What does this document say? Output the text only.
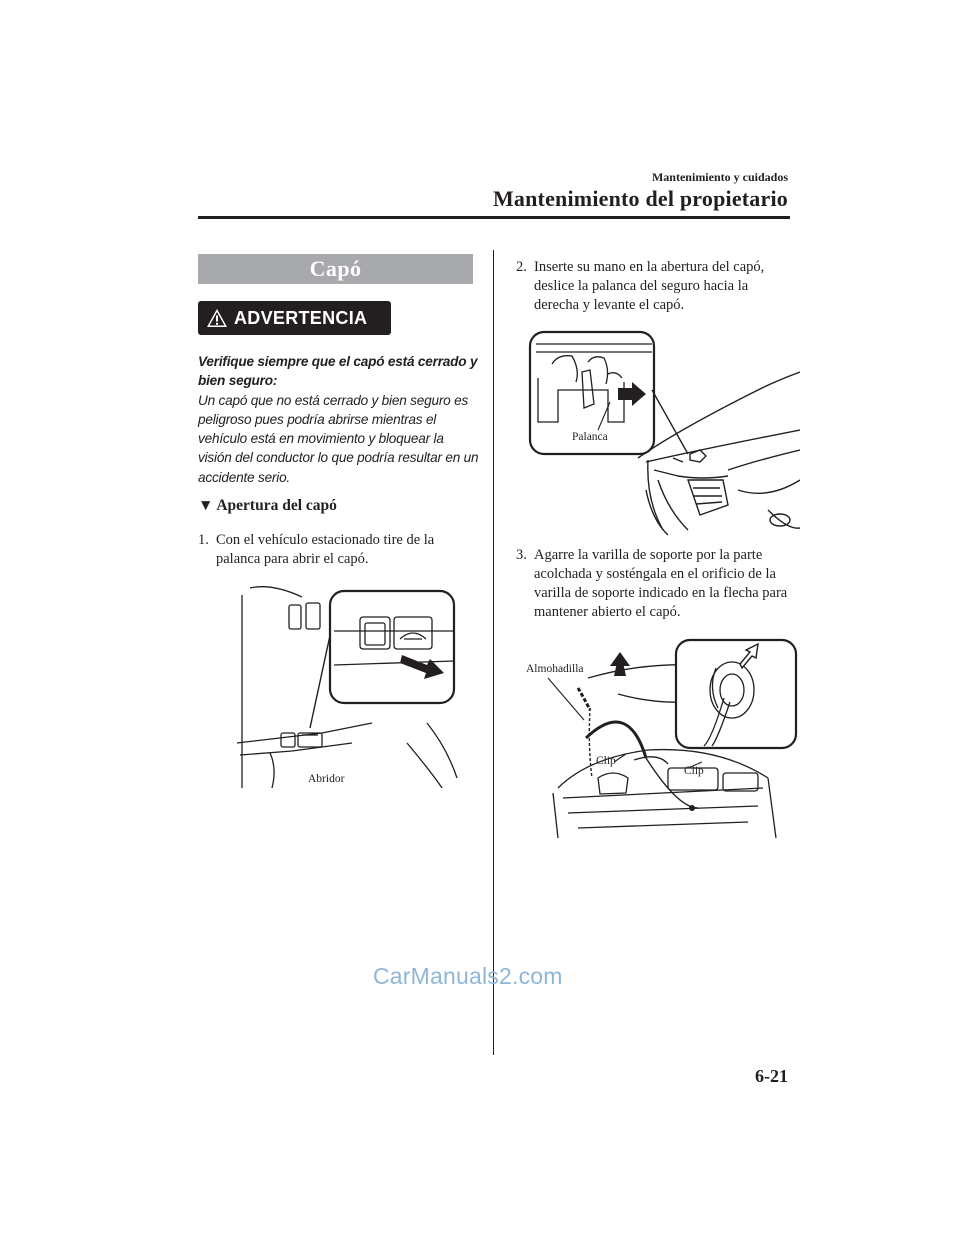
Mantenimiento y cuidados
Mantenimiento del propietario
Capó
ADVERTENCIA
Verifique siempre que el capó está cerrado y bien seguro:
Un capó que no está cerrado y bien seguro es peligroso pues podría abrirse mientras el vehículo está en movimiento y bloquear la visión del conductor lo que podría resultar en un accidente serio.
▼ Apertura del capó
1. Con el vehículo estacionado tire de la palanca para abrir el capó.
Abridor
2. Inserte su mano en la abertura del capó, deslice la palanca del seguro hacia la derecha y levante el capó.
Palanca
3. Agarre la varilla de soporte por la parte acolchada y sosténgala en el orificio de la varilla de soporte indicado en la flecha para mantener abierto el capó.
Almohadilla
Clip
Clip
CarManuals2.com
6-21
